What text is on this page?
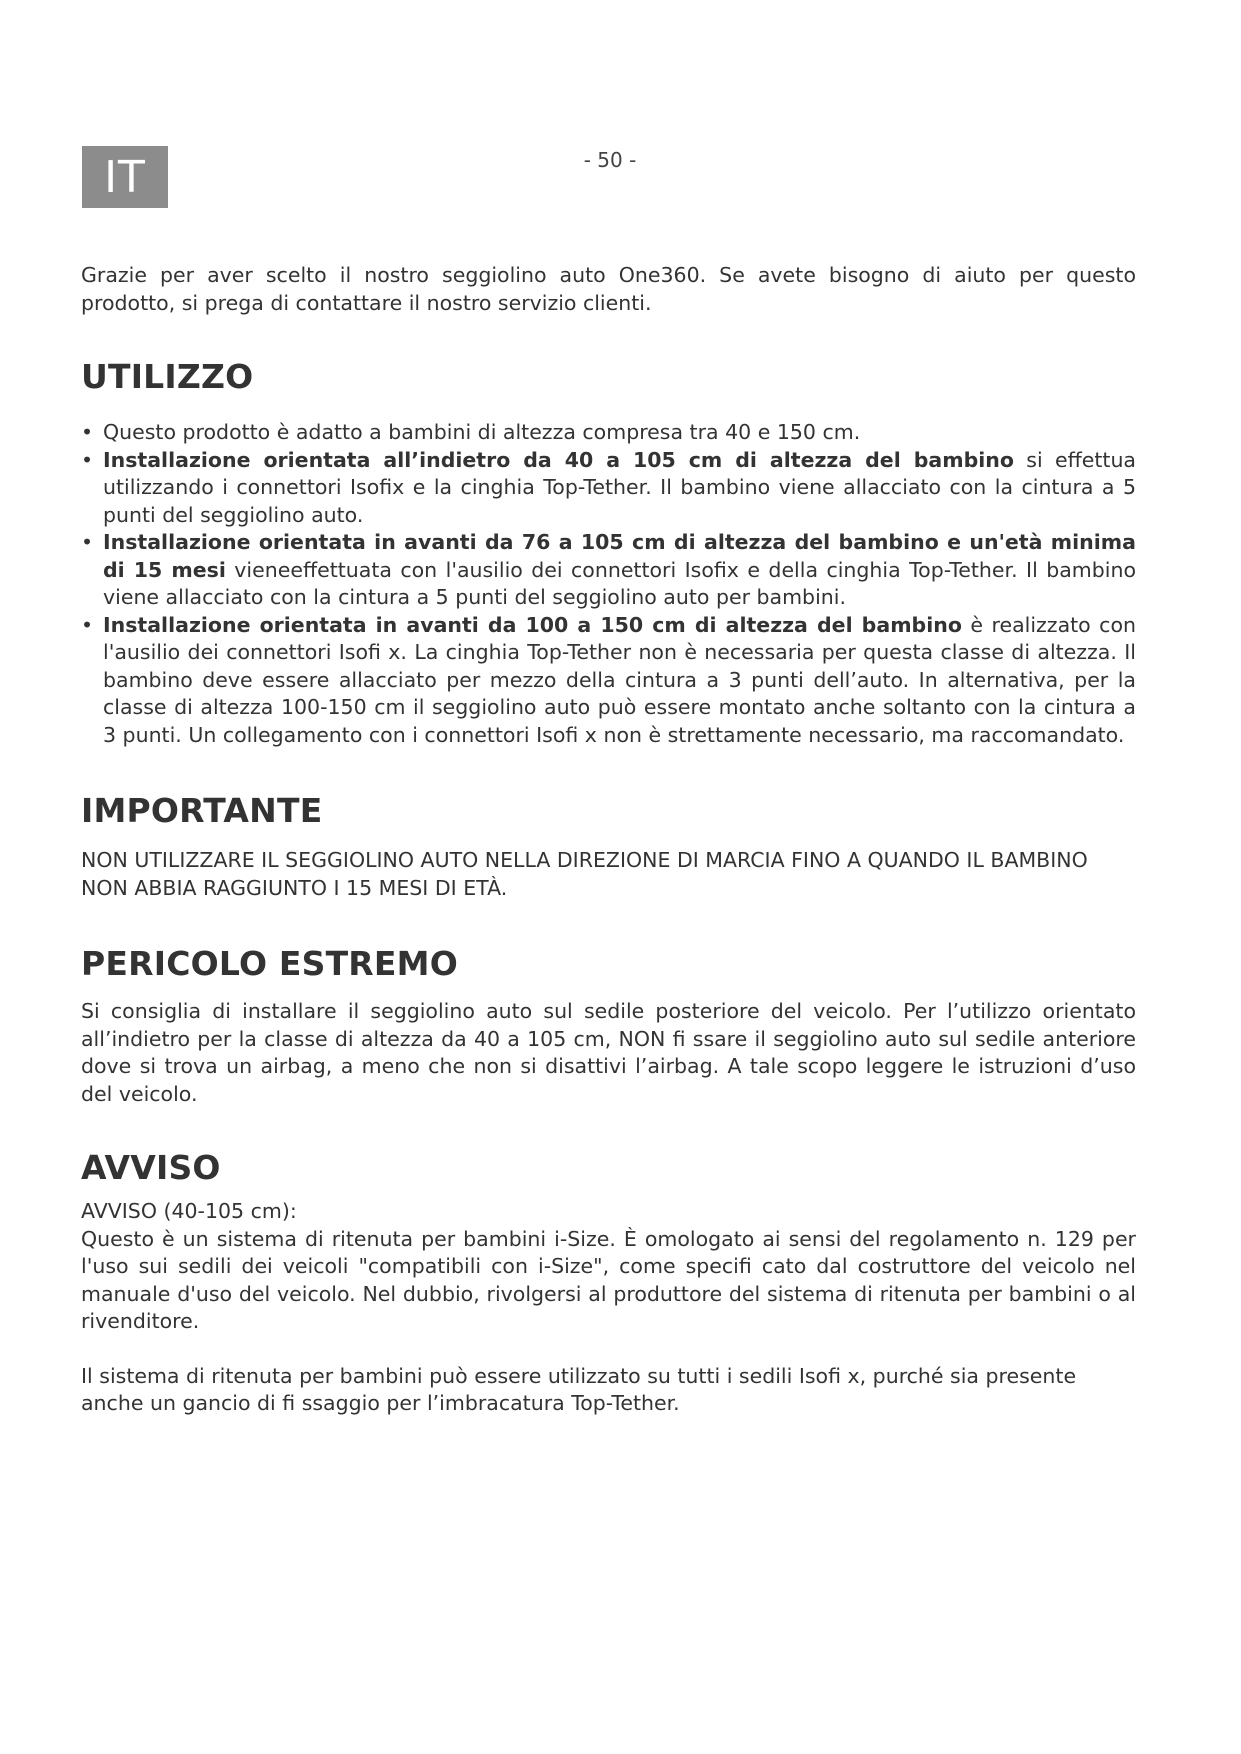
IT	- 50 -

Grazie per aver scelto il nostro seggiolino auto One360. Se avete bisogno di aiuto per questo prodotto, si prega di contattare il nostro servizio clienti.

UTILIZZO
• Questo prodotto è adatto a bambini di altezza compresa tra 40 e 150 cm.
• Installazione orientata all’indietro da 40 a 105 cm di altezza del bambino si effettua utilizzando i connettori Isofix e la cinghia Top-Tether. Il bambino viene allacciato con la cintura a 5 punti del seggiolino auto.
• Installazione orientata in avanti da 76 a 105 cm di altezza del bambino e un'età minima di 15 mesi vieneeffettuata con l'ausilio dei connettori Isofix e della cinghia Top-Tether. Il bambino viene allacciato con la cintura a 5 punti del seggiolino auto per bambini.
• Installazione orientata in avanti da 100 a 150 cm di altezza del bambino è realizzato con l'ausilio dei connettori Isofi x. La cinghia Top-Tether non è necessaria per questa classe di altezza. Il bambino deve essere allacciato per mezzo della cintura a 3 punti dell’auto. In alternativa, per la classe di altezza 100-150 cm il seggiolino auto può essere montato anche soltanto con la cintura a 3 punti. Un collegamento con i connettori Isofi x non è strettamente necessario, ma raccomandato.
IMPORTANTE

NON UTILIZZARE IL SEGGIOLINO AUTO NELLA DIREZIONE DI MARCIA FINO A QUANDO IL BAMBINO NON ABBIA RAGGIUNTO I 15 MESI DI ETÀ.

PERICOLO ESTREMO

Si consiglia di installare il seggiolino auto sul sedile posteriore del veicolo. Per l’utilizzo orientato all’indietro per la classe di altezza da 40 a 105 cm, NON fi ssare il seggiolino auto sul sedile anteriore dove si trova un airbag, a meno che non si disattivi l’airbag. A tale scopo leggere le istruzioni d’uso del veicolo.

AVVISO

AVVISO (40-105 cm):

Questo è un sistema di ritenuta per bambini i-Size. È omologato ai sensi del regolamento n. 129 per l'uso sui sedili dei veicoli "compatibili con i-Size", come specifi cato dal costruttore del veicolo nel manuale d'uso del veicolo. Nel dubbio, rivolgersi al produttore del sistema di ritenuta per bambini o al rivenditore.

Il sistema di ritenuta per bambini può essere utilizzato su tutti i sedili Isofi x, purché sia presente anche un gancio di fi ssaggio per l’imbracatura Top-Tether.
